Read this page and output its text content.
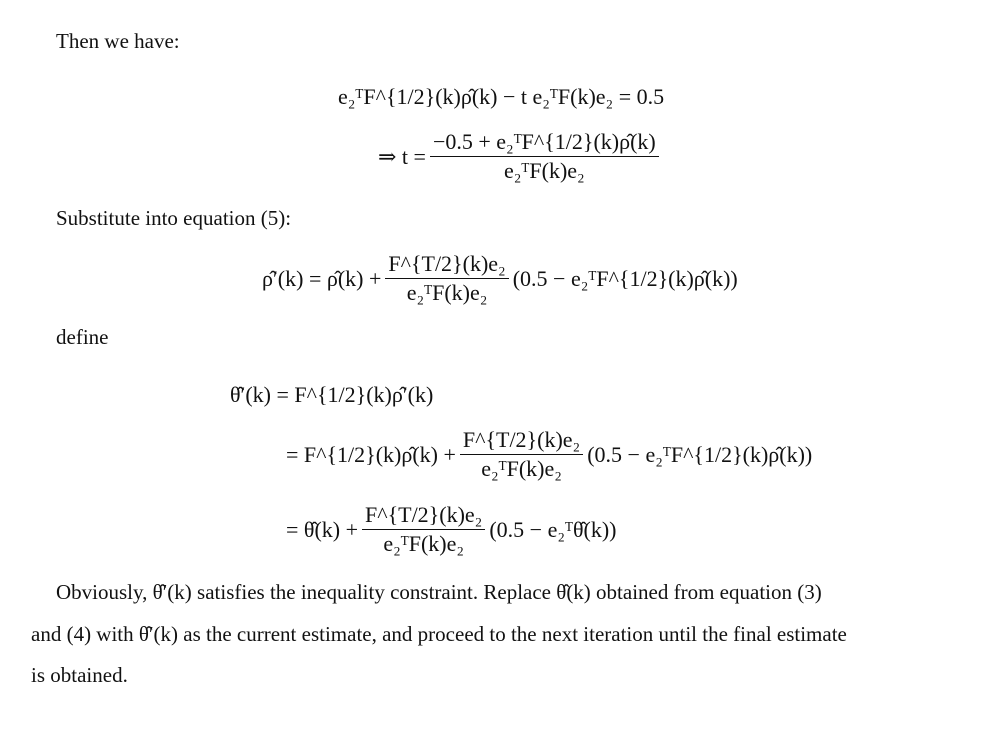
Then we have:
e₂ᵀF^{1/2}(k)ρ̂(k) − t e₂ᵀF(k)e₂ = 0.5
⇒ $t = \frac{\text{−0.5 + e₂ᵀF\textasciicircum{}\{1/2\}(k)ρ̂(k)}}{\text{e₂ᵀF(k)e₂}}$
Substitute into equation (5):
ρ̂′(k) = ρ̂(k) + $\frac{\text{F\textasciicircum{}\{T/2\}(k)e₂}}{\text{e₂ᵀF(k)e₂}} (0.5$ − e₂ᵀF^{1/2}(k)ρ̂(k))
define
θ̂′(k) = F^{1/2}(k)ρ̂′(k)
= F^{1/2}(k)ρ̂(k) + $\frac{\text{F\textasciicircum{}\{T/2\}(k)e₂}}{\text{e₂ᵀF(k)e₂}} (0.5$ − e₂ᵀF^{1/2}(k)ρ̂(k))
= θ̂(k) + $\frac{\text{F\textasciicircum{}\{T/2\}(k)e₂}}{\text{e₂ᵀF(k)e₂}} (0.5$ − e₂ᵀθ̂(k))
Obviously, θ̂′(k) satisfies the inequality constraint. Replace θ̂(k) obtained from equation (3)
and (4) with θ̂′(k) as the current estimate, and proceed to the next iteration until the final estimate
is obtained.
